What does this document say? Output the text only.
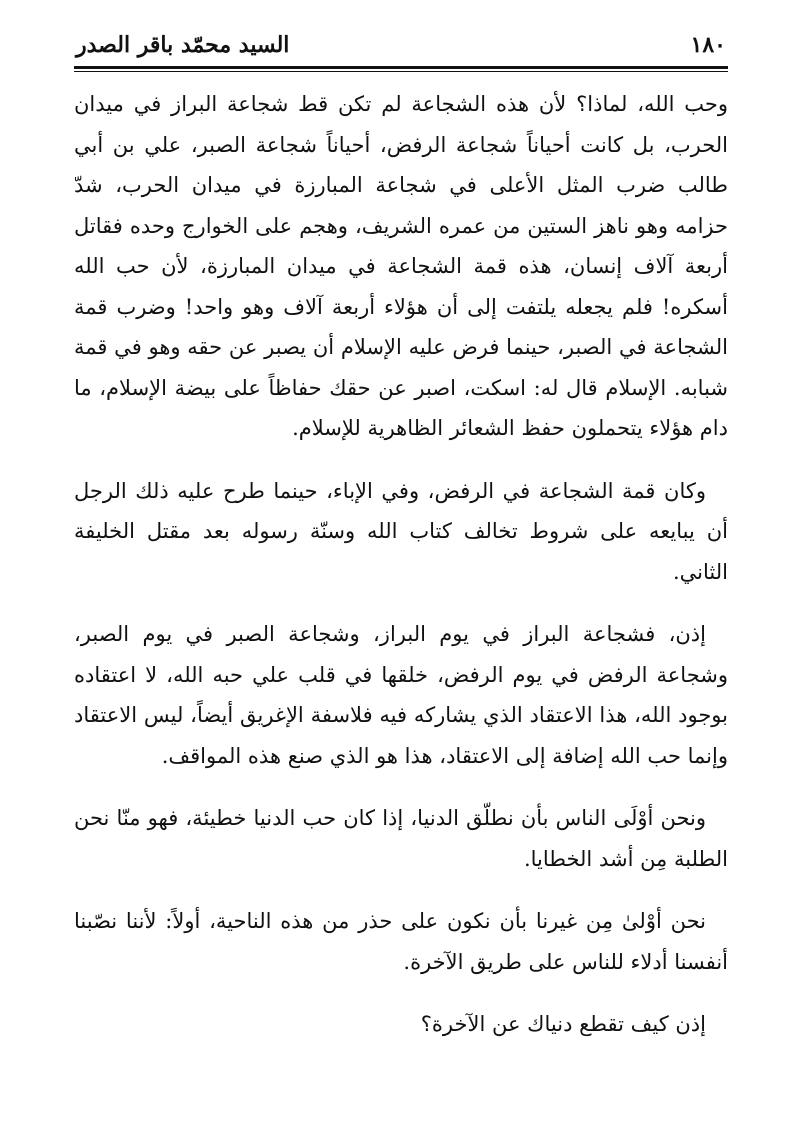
١٨٠
السيد محمّد باقر الصدر

وحب الله، لماذا؟ لأن هذه الشجاعة لم تكن قط شجاعة البراز في ميدان الحرب، بل كانت أحياناً شجاعة الرفض، أحياناً شجاعة الصبر، علي بن أبي طالب ضرب المثل الأعلى في شجاعة المبارزة في ميدان الحرب، شدّ حزامه وهو ناهز الستين من عمره الشريف، وهجم على الخوارج وحده فقاتل أربعة آلاف إنسان، هذه قمة الشجاعة في ميدان المبارزة، لأن حب الله أسكره! فلم يجعله يلتفت إلى أن هؤلاء أربعة آلاف وهو واحد! وضرب قمة الشجاعة في الصبر، حينما فرض عليه الإسلام أن يصبر عن حقه وهو في قمة شبابه. الإسلام قال له: اسكت، اصبر عن حقك حفاظاً على بيضة الإسلام، ما دام هؤلاء يتحملون حفظ الشعائر الظاهرية للإسلام.

وكان قمة الشجاعة في الرفض، وفي الإباء، حينما طرح عليه ذلك الرجل أن يبايعه على شروط تخالف كتاب الله وسنّة رسوله بعد مقتل الخليفة الثاني.

إذن، فشجاعة البراز في يوم البراز، وشجاعة الصبر في يوم الصبر، وشجاعة الرفض في يوم الرفض، خلقها في قلب علي حبه الله، لا اعتقاده بوجود الله، هذا الاعتقاد الذي يشاركه فيه فلاسفة الإغريق أيضاً، ليس الاعتقاد وإنما حب الله إضافة إلى الاعتقاد، هذا هو الذي صنع هذه المواقف.

ونحن أوْلَى الناس بأن نطلّق الدنيا، إذا كان حب الدنيا خطيئة، فهو منّا نحن الطلبة مِن أشد الخطايا.

نحن أوْلىٰ مِن غيرنا بأن نكون على حذر من هذه الناحية، أولاً: لأننا نصّبنا أنفسنا أدلاء للناس على طريق الآخرة.

إذن كيف تقطع دنياك عن الآخرة؟
